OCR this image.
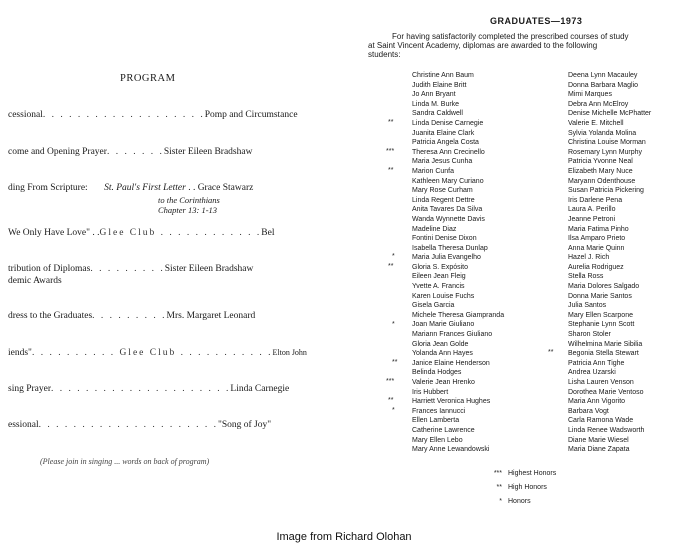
PROGRAM
cessional. . . . . . . . . . . . . . . . . . .Pomp and Circumstance
come and Opening Prayer. . . . . . .Sister Eileen Bradshaw
ding From Scripture: St. Paul's First Letter . . Grace Stawarz
to the Corinthians
Chapter 13: 1-13
We Only Have Love" . .Glee Club . . . . . . . . . . . .Bel
tribution of Diplomas. . . . . . . . .Sister Eileen Bradshaw
demic Awards
dress to the Graduates. . . . . . . . .Mrs. Margaret Leonard
iends". . . . . . . . . . Glee Club . . . . . . . . . . .Elton John
sing Prayer. . . . . . . . . . . . . . . . . . . . .Linda Carnegie
essional. . . . . . . . . . . . . . . . . . . . ."Song of Joy"
(Please join in singing ... words on back of program)
GRADUATES—1973
For having satisfactorily completed the prescribed courses of study
at Saint Vincent Academy, diplomas are awarded to the following
students:
Christine Ann Baum
Judith Elaine Britt
Jo Ann Bryant
Linda M. Burke
Sandra Caldwell
Linda Denise Carnegie
Juanita Elaine Clark
Patricia Angela Costa
Theresa Ann Crecinello
Maria Jesus Cunha
Marion Cunfa
Kathleen Mary Curiano
Mary Rose Curham
Linda Regent Dettre
Anita Tavares Da Silva
Wanda Wynnette Davis
Madeline Diaz
Fontini Denise Dixon
Isabella Theresa Dunlap
Maria Julia Evangelho
Gloria S. Expósito
Eileen Jean Fleig
Yvette A. Francis
Karen Louise Fuchs
Gisela Garcia
Michele Theresa Giampranda
Joan Marie Giuliano
Mariann Frances Giuliano
Gloria Jean Golde
Yolanda Ann Hayes
Janice Elaine Henderson
Belinda Hodges
Valerie Jean Hrenko
Iris Hubbert
Harriett Veronica Hughes
Frances Iannucci
Ellen Lamberta
Catherine Lawrence
Mary Ellen Lebo
Mary Anne Lewandowski
Deena Lynn Macauley
Donna Barbara Maglio
Mimi Marques
Debra Ann McElroy
Denise Michelle McPhatter
Valerie E. Mitchell
Sylvia Yolanda Molina
Christina Louise Morman
Rosemary Lynn Murphy
Patricia Yvonne Neal
Elizabeth Mary Nuce
Maryann Odenthouse
Susan Patricia Pickering
Iris Darlene Pena
Laura A. Perillo
Jeanne Petroni
Maria Fatima Pinho
Ilsa Amparo Prieto
Anna Marie Quinn
Hazel J. Rich
Aurelia Rodriguez
Stella Ross
Maria Dolores Salgado
Donna Marie Santos
Julia Santos
Mary Ellen Scarpone
Stephanie Lynn Scott
Sharon Stoler
Wilhelmina Marie Sibilia
Begonia Stella Stewart
Patricia Ann Tighe
Andrea Uzarski
Lisha Lauren Venson
Dorothea Marie Ventoso
Maria Ann Vigorito
Barbara Vogt
Carla Ramona Wade
Linda Renee Wadsworth
Diane Marie Wiesel
Maria Diane Zapata
**
***
**
*
**
*
**
***
**
*
**
*** Highest Honors
** High Honors
* Honors
Image from Richard Olohan
